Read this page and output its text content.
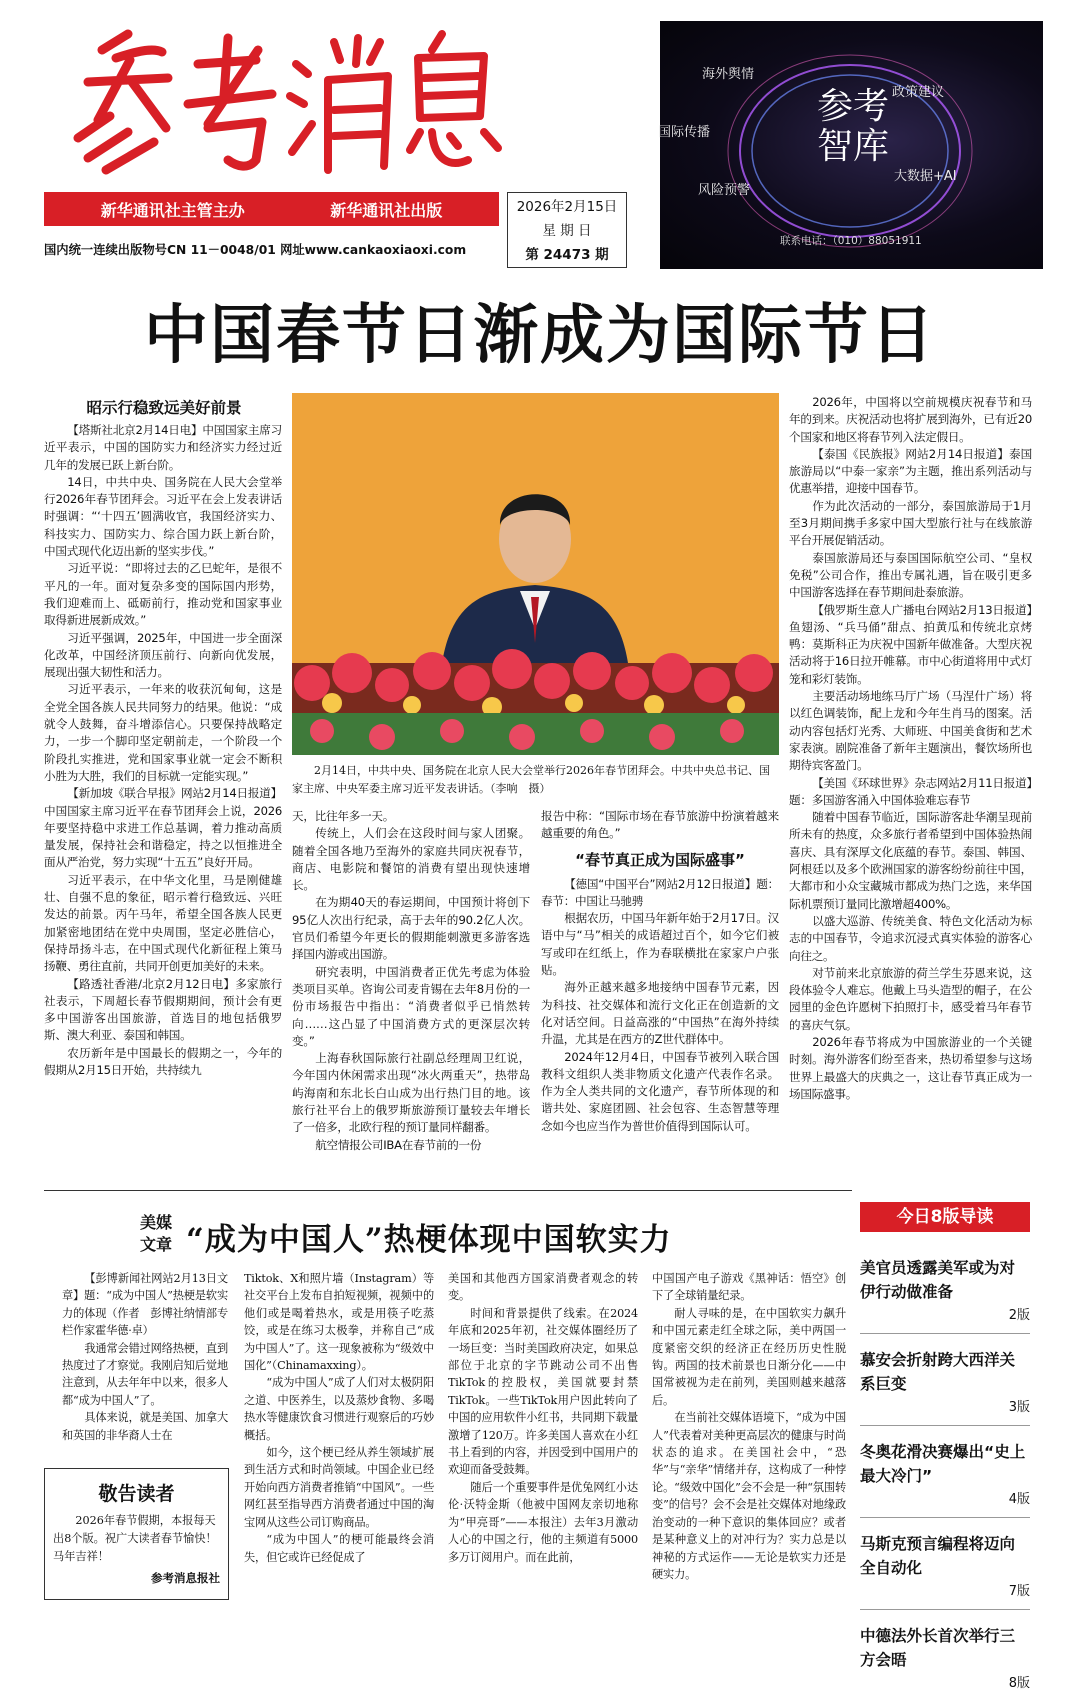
新华通讯社主管主办	新华通讯社出版
国内统一连续出版物号CN 11－0048/01 网址www.cankaoxiaoxi.com
2026年2月15日
星 期 日
第 24473 期
参考
智库
海外舆情
政策建议
国际传播
大数据+AI
风险预警
联系电话：（010）88051911
中国春节日渐成为国际节日
昭示行稳致远美好前景

【塔斯社北京2月14日电】中国国家主席习近平表示，中国的国防实力和经济实力经过近几年的发展已跃上新台阶。

14日，中共中央、国务院在人民大会堂举行2026年春节团拜会。习近平在会上发表讲话时强调：“‘十四五’圆满收官，我国经济实力、科技实力、国防实力、综合国力跃上新台阶，中国式现代化迈出新的坚实步伐。”

习近平说：“即将过去的乙巳蛇年，是很不平凡的一年。面对复杂多变的国际国内形势，我们迎难而上、砥砺前行，推动党和国家事业取得新进展新成效。”

习近平强调，2025年，中国进一步全面深化改革，中国经济顶压前行、向新向优发展，展现出强大韧性和活力。

习近平表示，一年来的收获沉甸甸，这是全党全国各族人民共同努力的结果。他说：“成就令人鼓舞，奋斗增添信心。只要保持战略定力，一步一个脚印坚定朝前走，一个阶段一个阶段扎实推进，党和国家事业就一定会不断积小胜为大胜，我们的目标就一定能实现。”

【新加坡《联合早报》网站2月14日报道】中国国家主席习近平在春节团拜会上说，2026年要坚持稳中求进工作总基调，着力推动高质量发展，保持社会和谐稳定，持之以恒推进全面从严治党，努力实现“十五五”良好开局。

习近平表示，在中华文化里，马是刚健雄壮、自强不息的象征，昭示着行稳致远、兴旺发达的前景。丙午马年，希望全国各族人民更加紧密地团结在党中央周围，坚定必胜信心，保持昂扬斗志，在中国式现代化新征程上策马扬鞭、勇往直前，共同开创更加美好的未来。

【路透社香港/北京2月12日电】多家旅行社表示，下周超长春节假期期间，预计会有更多中国游客出国旅游，首选目的地包括俄罗斯、澳大利亚、泰国和韩国。

农历新年是中国最长的假期之一，今年的假期从2月15日开始，共持续九

2月14日，中共中央、国务院在北京人民大会堂举行2026年春节团拜会。中共中央总书记、国家主席、中央军委主席习近平发表讲话。（李响　摄）

天，比往年多一天。

传统上，人们会在这段时间与家人团聚。随着全国各地乃至海外的家庭共同庆祝春节，商店、电影院和餐馆的消费有望出现快速增长。

在为期40天的春运期间，中国预计将创下95亿人次出行纪录，高于去年的90.2亿人次。官员们希望今年更长的假期能刺激更多游客选择国内游或出国游。

研究表明，中国消费者正优先考虑为体验类项目买单。咨询公司麦肯锡在去年8月份的一份市场报告中指出：“消费者似乎已悄然转向……这凸显了中国消费方式的更深层次转变。”

上海春秋国际旅行社副总经理周卫红说，今年国内休闲需求出现“冰火两重天”，热带岛屿海南和东北长白山成为出行热门目的地。该旅行社平台上的俄罗斯旅游预订量较去年增长了一倍多，北欧行程的预订量同样翻番。

航空情报公司IBA在春节前的一份

报告中称：“国际市场在春节旅游中扮演着越来越重要的角色。”

“春节真正成为国际盛事”

【德国“中国平台”网站2月12日报道】题：春节：中国让马驰骋

根据农历，中国马年新年始于2月17日。汉语中与“马”相关的成语超过百个，如今它们被写或印在红纸上，作为春联横批在家家户户张贴。

海外正越来越多地接纳中国春节元素，因为科技、社交媒体和流行文化正在创造新的文化对话空间。日益高涨的“中国热”在海外持续升温，尤其是在西方的Z世代群体中。

2024年12月4日，中国春节被列入联合国教科文组织人类非物质文化遗产代表作名录。作为全人类共同的文化遗产，春节所体现的和谐共处、家庭团圆、社会包容、生态智慧等理念如今也应当作为普世价值得到国际认可。

2026年，中国将以空前规模庆祝春节和马年的到来。庆祝活动也将扩展到海外，已有近20个国家和地区将春节列入法定假日。

【泰国《民族报》网站2月14日报道】泰国旅游局以“中泰一家亲”为主题，推出系列活动与优惠举措，迎接中国春节。

作为此次活动的一部分，泰国旅游局于1月至3月期间携手多家中国大型旅行社与在线旅游平台开展促销活动。

泰国旅游局还与泰国国际航空公司、“皇权免税”公司合作，推出专属礼遇，旨在吸引更多中国游客选择在春节期间赴泰旅游。

【俄罗斯生意人广播电台网站2月13日报道】鱼翅汤、“兵马俑”甜点、拍黄瓜和传统北京烤鸭：莫斯科正为庆祝中国新年做准备。大型庆祝活动将于16日拉开帷幕。市中心街道将用中式灯笼和彩灯装饰。

主要活动场地练马厅广场（马涅什广场）将以红色调装饰，配上龙和今年生肖马的图案。活动内容包括灯光秀、大师班、中国美食街和艺术家表演。剧院准备了新年主题演出，餐饮场所也期待宾客盈门。

【美国《环球世界》杂志网站2月11日报道】题：多国游客涌入中国体验难忘春节

随着中国春节临近，国际游客赴华潮呈现前所未有的热度，众多旅行者希望到中国体验热闹喜庆、具有深厚文化底蕴的春节。泰国、韩国、阿根廷以及多个欧洲国家的游客纷纷前往中国，大都市和小众宝藏城市都成为热门之选，来华国际机票预订量同比激增超400%。

以盛大巡游、传统美食、特色文化活动为标志的中国春节，令追求沉浸式真实体验的游客心向往之。

对节前来北京旅游的荷兰学生芬恩来说，这段体验令人难忘。他戴上马头造型的帽子，在公园里的金色许愿树下拍照打卡，感受着马年春节的喜庆气氛。

2026年春节将成为中国旅游业的一个关键时刻。海外游客们纷至沓来，热切希望参与这场世界上最盛大的庆典之一，这让春节真正成为一场国际盛事。

美媒
文章 “成为中国人”热梗体现中国软实力

【彭博新闻社网站2月13日文章】题：“成为中国人”热梗是软实力的体现（作者　彭博社纳情部专栏作家霍华德·卓）

我通常会错过网络热梗，直到热度过了才察觉。我刚启知后觉地注意到，从去年年中以来，很多人都“成为中国人”了。

具体来说，就是美国、加拿大和英国的非华裔人士在

Tiktok、X和照片墙（Instagram）等社交平台上发布自拍短视频，视频中的他们或是喝着热水，或是用筷子吃蒸饺，或是在练习太极拳，并称自己“成为中国人”了。这一现象被称为“级效中国化”（Chinamaxxing）。

“成为中国人”成了人们对太极阴阳之道、中医养生，以及蒸炒食物、多喝热水等健康饮食习惯进行观察后的巧妙概括。

如今，这个梗已经从养生领域扩展到生活方式和时尚领域。中国企业已经开始向西方消费者推销“中国风”。一些网红甚至指导西方消费者通过中国的淘宝网从这些公司订购商品。

“成为中国人”的梗可能最终会消失，但它或许已经促成了

美国和其他西方国家消费者观念的转变。

时间和背景提供了线索。在2024年底和2025年初，社交媒体圈经历了一场巨变：当时美国政府决定，如果总部位于北京的字节跳动公司不出售TikTok的控股权，美国就要封禁TikTok。一些TikTok用户因此转向了中国的应用软件小红书，共同期下载量激增了120万。许多美国人喜欢在小红书上看到的内容，并因受到中国用户的欢迎而备受鼓舞。

随后一个重要事件是优兔网红小达伦·沃特金斯（他被中国网友亲切地称为“甲亮哥”——本报注）去年3月激动人心的中国之行，他的主频道有5000多万订阅用户。而在此前，

中国国产电子游戏《黑神话：悟空》创下了全球销量纪录。

耐人寻味的是，在中国软实力飙升和中国元素走红全球之际，美中两国一度紧密交织的经济正在经历历史性脱钩。两国的技术前景也日渐分化——中国常被视为走在前列，美国则越来越落后。

在当前社交媒体语境下，“成为中国人”代表着对美种更高层次的健康与时尚状态的追求。在美国社会中，“恐华”与“亲华”情绪并存，这构成了一种悖论。“级效中国化”会不会是一种“氛围转变”的信号？会不会是社交媒体对地缘政治变动的一种下意识的集体回应？或者是某种意义上的对冲行为？实力总是以神秘的方式运作——无论是软实力还是硬实力。

敬告读者
2026年春节假期，本报每天出8个版。祝广大读者春节愉快！马年吉祥！
参考消息报社
今日8版导读
美官员透露美军或为对伊行动做准备
2版
慕安会折射跨大西洋关系巨变
3版
冬奥花滑决赛爆出“史上最大冷门”
4版
马斯克预言编程将迈向全自动化
7版
中德法外长首次举行三方会晤
8版
